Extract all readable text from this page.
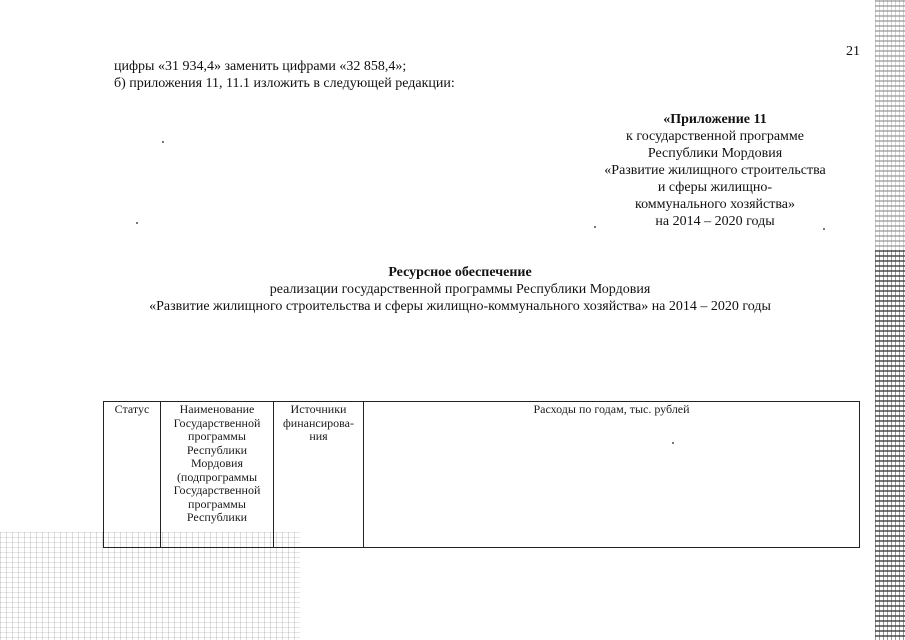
21
цифры «31 934,4» заменить цифрами «32 858,4»;
б) приложения 11, 11.1 изложить в следующей редакции:
«Приложение 11
к государственной программе
Республики Мордовия
«Развитие жилищного строительства
и сферы жилищно-
коммунального хозяйства»
на 2014 – 2020 годы
Ресурсное обеспечение
реализации государственной программы Республики Мордовия
«Развитие жилищного строительства и сферы жилищно-коммунального хозяйства» на 2014 – 2020 годы
Статус	Наименование Государственной программы Республики Мордовия (подпрограммы Государственной программы Республики	Источники финансирова-ния	Расходы по годам, тыс. рублей
